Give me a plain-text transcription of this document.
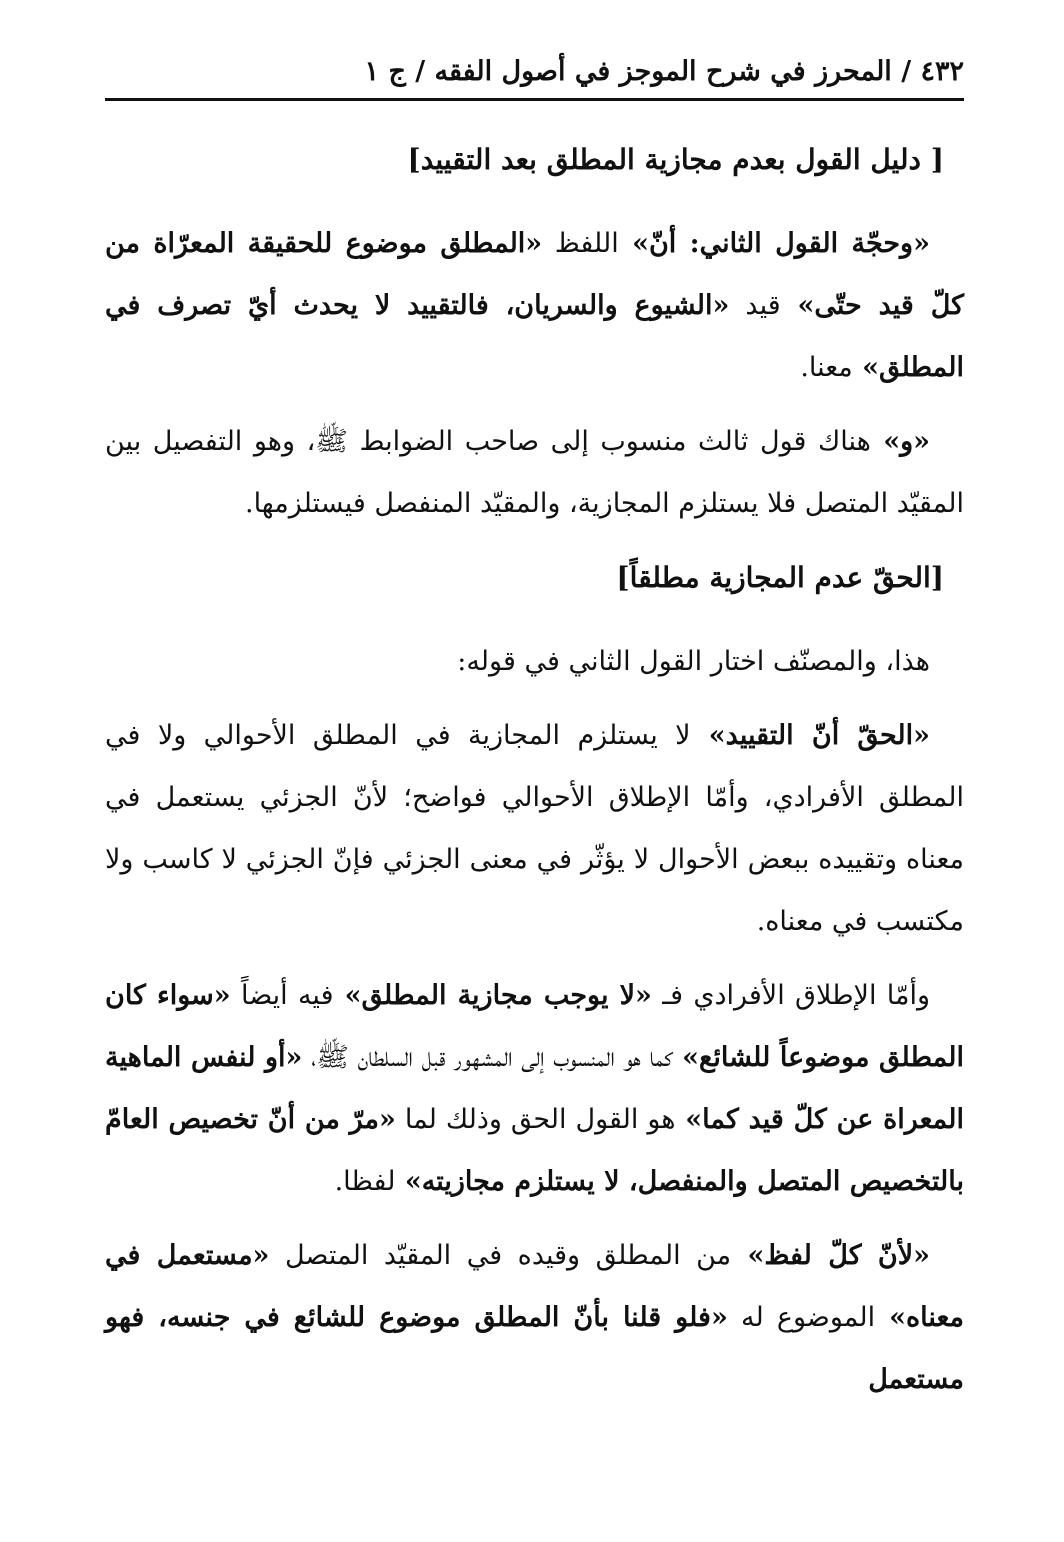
٤٣٢ / المحرز في شرح الموجز في أصول الفقه / ج ١
[ دليل القول بعدم مجازية المطلق بعد التقييد]

«وحجّة القول الثاني: أنّ» اللفظ «المطلق موضوع للحقيقة المعرّاة من كلّ قيد حتّى» قيد «الشيوع والسريان، فالتقييد لا يحدث أيّ تصرف في المطلق» معنا.

«و» هناك قول ثالث منسوب إلى صاحب الضوابط ﷺ، وهو التفصيل بين المقيّد المتصل فلا يستلزم المجازية، والمقيّد المنفصل فيستلزمها.

[الحقّ عدم المجازية مطلقاً]

هذا، والمصنّف اختار القول الثاني في قوله:

«الحقّ أنّ التقييد» لا يستلزم المجازية في المطلق الأحوالي ولا في المطلق الأفرادي، وأمّا الإطلاق الأحوالي فواضح؛ لأنّ الجزئي يستعمل في معناه وتقييده ببعض الأحوال لا يؤثّر في معنى الجزئي فإنّ الجزئي لا كاسب ولا مكتسب في معناه.

وأمّا الإطلاق الأفرادي فـ «لا يوجب مجازية المطلق» فيه أيضاً «سواء كان المطلق موضوعاً للشائع» كما هو المنسوب إلى المشهور قبل السلطان ﷺ، «أو لنفس الماهية المعراة عن كلّ قيد كما» هو القول الحق وذلك لما «مرّ من أنّ تخصيص العامّ بالتخصيص المتصل والمنفصل، لا يستلزم مجازيته» لفظا.

«لأنّ كلّ لفظ» من المطلق وقيده في المقيّد المتصل «مستعمل في معناه» الموضوع له «فلو قلنا بأنّ المطلق موضوع للشائع في جنسه، فهو مستعمل
